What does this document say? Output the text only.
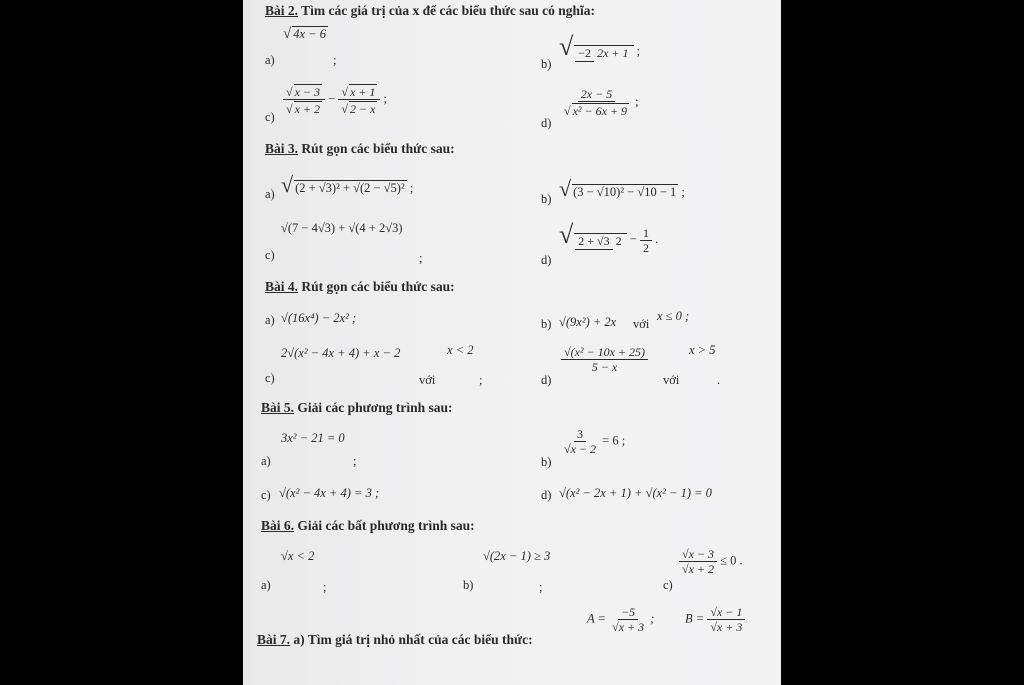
Bài 2. Tìm các giá trị của x để các biểu thức sau có nghĩa:
√ 4x − 6
a)	;	b)
√ −2 2x + 1 ;
c)
$\frac{√ x - 3}{√ x + 2} - \frac{√ x + 1}{√ 2 - x}$ ;
d)
$\frac{2x - 5}{\text{√ x² − 6x + 9}}$ ;
Bài 3. Rút gọn các biểu thức sau:
a) √ (2 + √3)² + √(2 − √5)² ;
b) √ (3 − √10)² − √10 − 1 ;
√(7 − 4√3) + √(4 + 2√3)
c)	;	d)
√ 2 + √3 $2 - \frac{1}{2}$ .
Bài 4. Rút gọn các biểu thức sau:
a) √(16x⁴) − 2x² ;	b) √(9x²) + 2x với
x ≤ 0 ;
2√(x² − 4x + 4) + x − 2	x < 2
c)	với	;	d)
$\frac{\text{√(x² − 10x + 25)}}{5 - x}$	x > 5
với	.
Bài 5. Giải các phương trình sau:
3x² − 21 = 0
a)	;	b)
$\frac{3}{√x - 2} = 6$ ;
c) √(x² − 4x + 4) = 3 ;	d) √(x² − 2x + 1) + √(x² − 1) = 0
Bài 6. Giải các bất phương trình sau:
√x < 2
a)	;
√(2x − 1) ≥ 3
b)	;	c)
$\frac{√x - 3}{√x + 2} \le 0$ .
Bài 7. a) Tìm giá trị nhỏ nhất của các biểu thức:
$A = \frac{-5}{√x + 3}$ ; $B = \frac{√x - 1}{√x + 3}$
